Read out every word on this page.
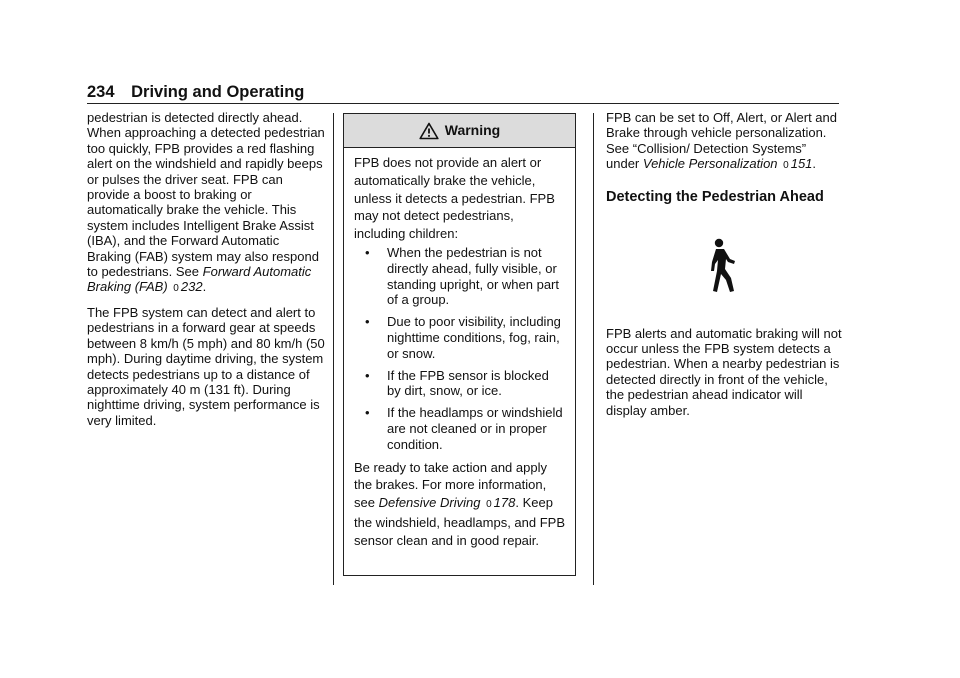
234 Driving and Operating

pedestrian is detected directly ahead. When approaching a detected pedestrian too quickly, FPB provides a red flashing alert on the windshield and rapidly beeps or pulses the driver seat. FPB can provide a boost to braking or automatically brake the vehicle. This system includes Intelligent Brake Assist (IBA), and the Forward Automatic Braking (FAB) system may also respond to pedestrians. See Forward Automatic Braking (FAB) 0 232.

The FPB system can detect and alert to pedestrians in a forward gear at speeds between 8 km/h (5 mph) and 80 km/h (50 mph). During daytime driving, the system detects pedestrians up to a distance of approximately 40 m (131 ft). During nighttime driving, system performance is very limited.

Warning

FPB does not provide an alert or automatically brake the vehicle, unless it detects a pedestrian. FPB may not detect pedestrians, including children:

• When the pedestrian is not directly ahead, fully visible, or standing upright, or when part of a group.
• Due to poor visibility, including nighttime conditions, fog, rain, or snow.
• If the FPB sensor is blocked by dirt, snow, or ice.
• If the headlamps or windshield are not cleaned or in proper condition.

Be ready to take action and apply the brakes. For more information, see Defensive Driving 0 178. Keep the windshield, headlamps, and FPB sensor clean and in good repair.

FPB can be set to Off, Alert, or Alert and Brake through vehicle personalization. See “Collision/ Detection Systems” under Vehicle Personalization 0 151.

Detecting the Pedestrian Ahead

FPB alerts and automatic braking will not occur unless the FPB system detects a pedestrian. When a nearby pedestrian is detected directly in front of the vehicle, the pedestrian ahead indicator will display amber.
